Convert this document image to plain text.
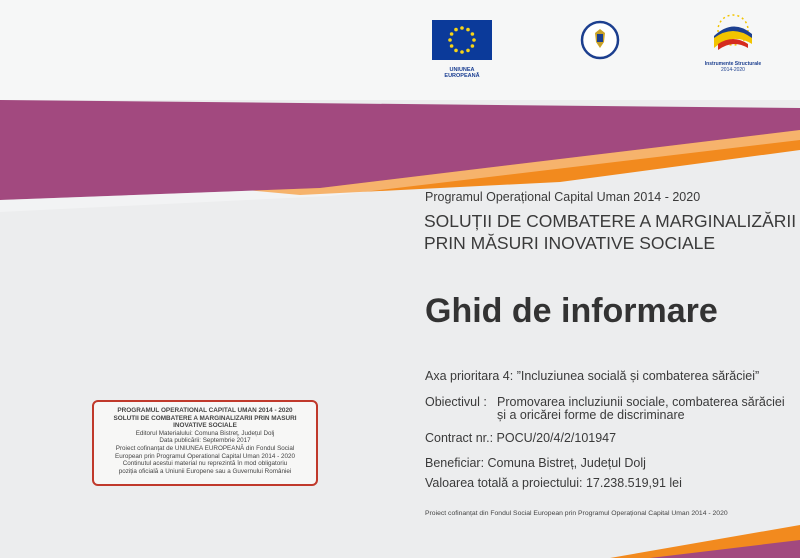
UNIUNEA EUROPEANĂ
Instrumente Structurale
2014-2020
Programul Operațional Capital Uman 2014 - 2020
SOLUȚII DE COMBATERE A MARGINALIZĂRII
PRIN MĂSURI INOVATIVE SOCIALE
Ghid de informare
Axa prioritara 4: ”Incluziunea socială și combaterea sărăciei”
Obiectivul : Promovarea incluziunii sociale, combaterea sărăciei
și a oricărei forme de discriminare
Contract nr.: POCU/20/4/2/101947
Beneficiar: Comuna Bistreț, Județul Dolj
Valoarea totală a proiectului: 17.238.519,91 lei
PROGRAMUL OPERATIONAL CAPITAL UMAN 2014 - 2020
SOLUTII DE COMBATERE A MARGINALIZARII PRIN MASURI
INOVATIVE SOCIALE
Editorul Materialului: Comuna Bistreț, Județul Dolj
Data publicării: Septembrie 2017
Proiect cofinanțat de UNIUNEA EUROPEANĂ din Fondul Social
European prin Programul Operational Capital Uman 2014 - 2020
Continutul acestui material nu reprezintă în mod obligatoriu
poziția oficială a Uniunii Europene sau a Guvernului României
Proiect cofinanțat din Fondul Social European prin Programul Operațional Capital Uman 2014 - 2020
